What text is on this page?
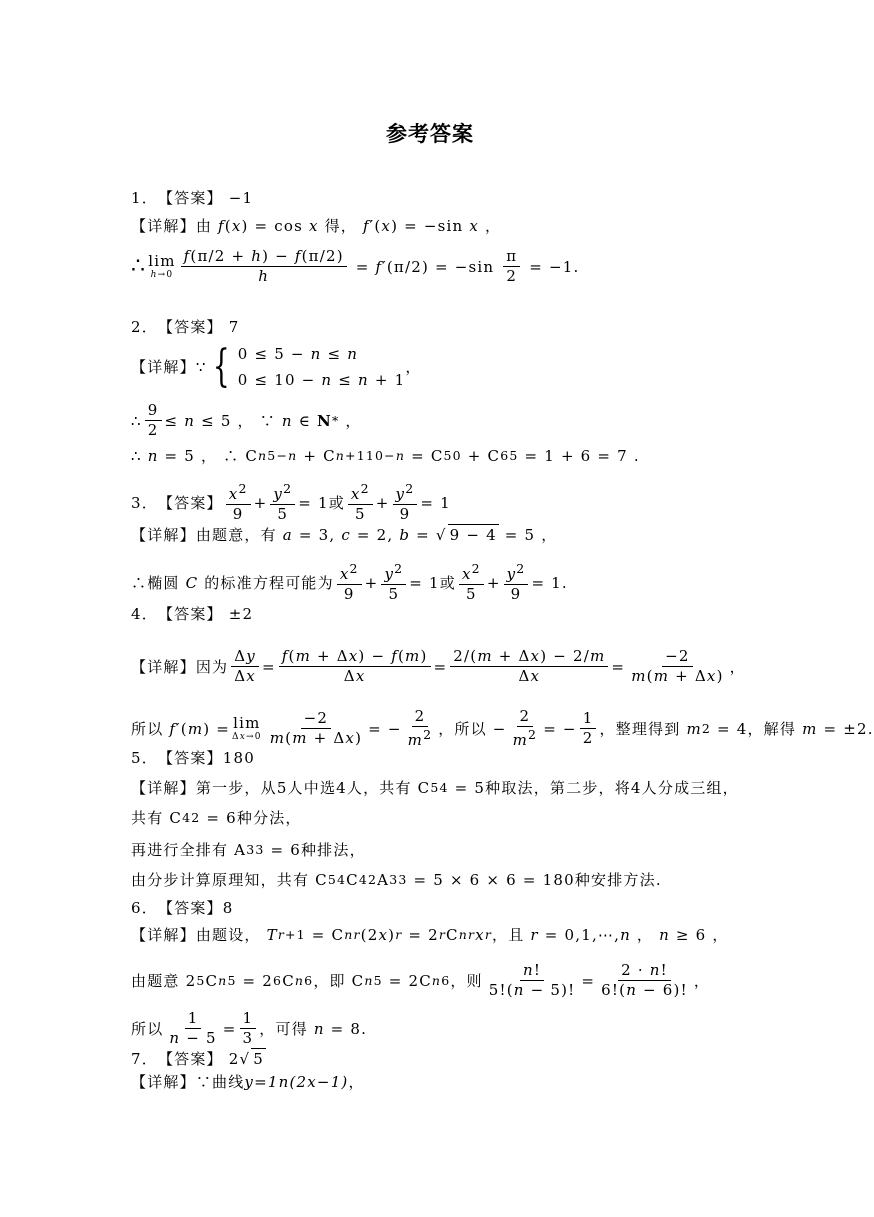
参考答案
1． 【答案】
−1
【详解】 由
f ( x ) = cos x
得，
f ′( x ) = −sin x ，
∴ lim
$h\to 0 \frac{f(\pi/2 + h) - f(\pi/2)}{h} = f$ $'(\pi/2) = -\sin \frac{\pi}{2} = -1$.
2． 【答案】
7
【详解】 ∵ { 0 ≤ 5 − n ≤ n
0 ≤ 10 − n ≤ n + 1
，
∴ $\frac{9}{2} \le n \le 5$ ， ∵ n ∈ N * ，
∴ n = 5 ， ∴ C n 5−n + C n+1 10−n = C 5 0 + C 6 5 = 1 + 6 = 7 .
3． 【答案】 $\frac{x^2}{9} + \frac{y^2}{5} = 1$ 或 $\frac{x^2}{5} + \frac{y^2}{9} = 1$
【详解】 由题意，有
a = 3, c = 2, b = √ 9 − 4 = 5 ，
∴椭圆
C
的标准方程可能为 $\frac{x^2}{9} + \frac{y^2}{5} = 1$ 或 $\frac{x^2}{5} + \frac{y^2}{9} = 1$.
4． 【答案】
±2
【详解】 因为 $\frac{\Delta y}{\Delta x} = \frac{f(m + \Delta x) - f(m)}{\Delta x} = \frac{2/(m + \Delta x) - 2/m}{\Delta x} = \frac{-2}{m(m + \Delta x)}$ ，
所以
f ′( m ) = lim
$\Delta x\to 0 \frac{-2}{m(m + \Delta x)}$ = − $\frac{2}{m^2}$ ，所以 − $\frac{2}{m^2}$ = − $\frac{1}{2}$ ，整理得到
m 2 = 4 ，解得
m = ±2.
5． 【答案】 180
【详解】 第一步，从5人中选4人，共有 C 5 4 = 5 种取法，第二步，将4人分成三组，
共有 C 4 2 = 6 种分法，
再进行全排有 A 3 3 = 6 种排法，
由分步计算原理知，共有 C 5 4 C 4 2 A 3 3 = 5 × 6 × 6 = 180 种安排方法.
6． 【答案】 8
【详解】 由题设，
T r+1 = C n r (2 x ) r = 2 r C n r x r ，且
r = 0,1,⋯, n ， n ≥ 6 ，
由题意 2 5 C n 5 = 2 6 C n 6 ，即 C n 5 = 2C n 6 ，则 $\frac{n!}{5!(n - 5)!} = \frac{2 \cdot n!}{6!(n - 6)!}$ ，
所以 $\frac{1}{n - 5} = \frac{1}{3}$ ，可得
n = 8.
7． 【答案】 2√ 5
【详解】 ∵曲线 y=1n(2x−1) ，
